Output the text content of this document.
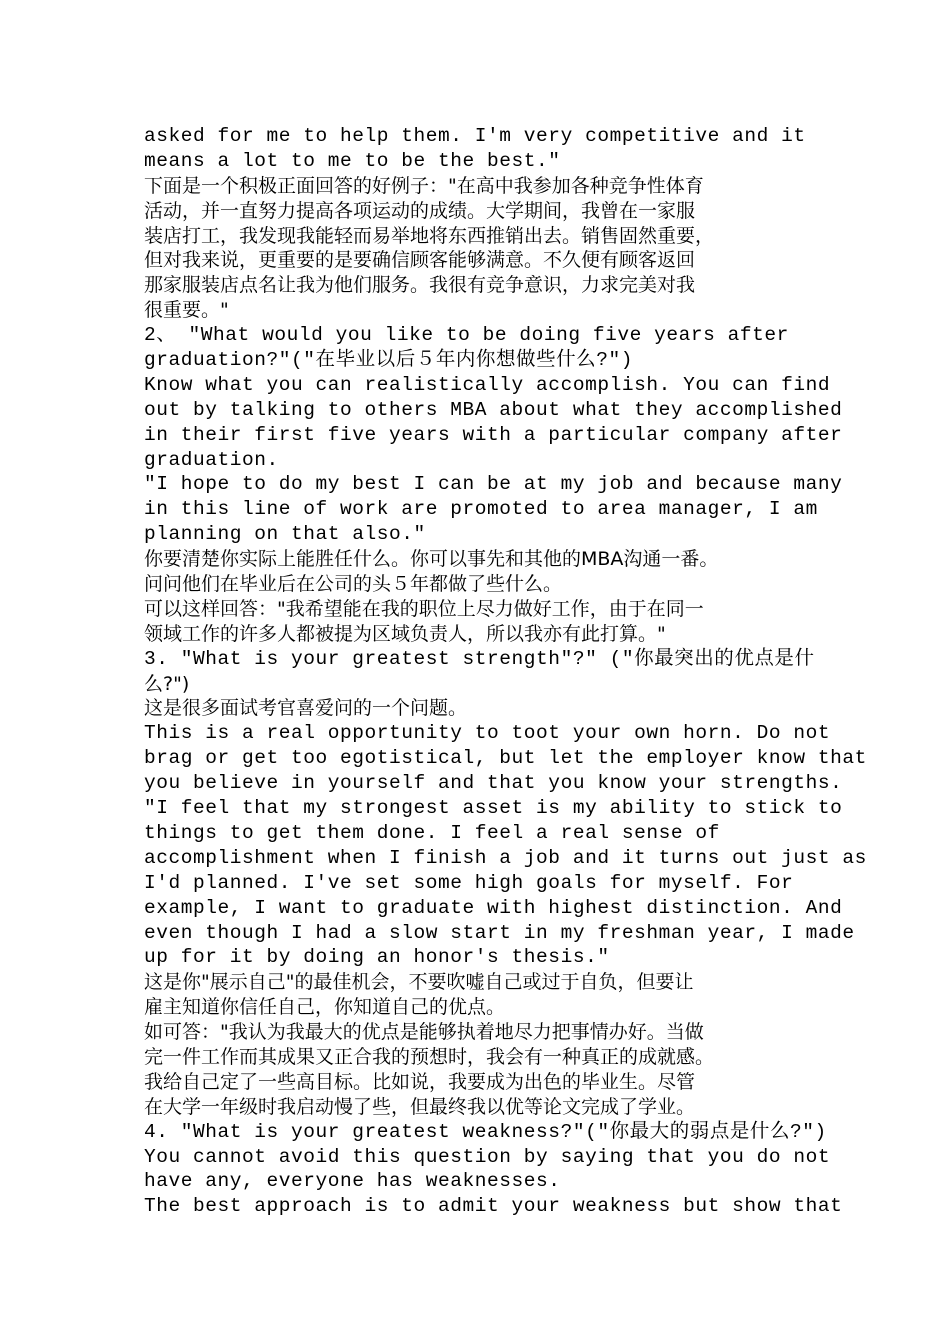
asked for me to help them. I'm very competitive and it
means a lot to me to be the best."
下面是一个积极正面回答的好例子："在高中我参加各种竞争性体育
活动，并一直努力提高各项运动的成绩。大学期间，我曾在一家服
装店打工，我发现我能轻而易举地将东西推销出去。销售固然重要，
但对我来说，更重要的是要确信顾客能够满意。不久便有顾客返回
那家服装店点名让我为他们服务。我很有竞争意识，力求完美对我
很重要。"
2、 "What would you like to be doing five years after
graduation?"("在毕业以后５年内你想做些什么?")
Know what you can realistically accomplish. You can find
out by talking to others MBA about what they accomplished
in their first five years with a particular company after
graduation.
"I hope to do my best I can be at my job and because many
in this line of work are promoted to area manager, I am
planning on that also."
你要清楚你实际上能胜任什么。你可以事先和其他的MBA沟通一番。
问问他们在毕业后在公司的头５年都做了些什么。
可以这样回答："我希望能在我的职位上尽力做好工作，由于在同一
领域工作的许多人都被提为区域负责人，所以我亦有此打算。"
3. "What is your greatest strength"?" ("你最突出的优点是什
么?")
这是很多面试考官喜爱问的一个问题。
This is a real opportunity to toot your own horn. Do not
brag or get too egotistical, but let the employer know that
you believe in yourself and that you know your strengths.
"I feel that my strongest asset is my ability to stick to
things to get them done. I feel a real sense of
accomplishment when I finish a job and it turns out just as
I'd planned. I've set some high goals for myself. For
example, I want to graduate with highest distinction. And
even though I had a slow start in my freshman year, I made
up for it by doing an honor's thesis."
这是你"展示自己"的最佳机会，不要吹嘘自己或过于自负，但要让
雇主知道你信任自己，你知道自己的优点。
如可答："我认为我最大的优点是能够执着地尽力把事情办好。当做
完一件工作而其成果又正合我的预想时，我会有一种真正的成就感。
我给自己定了一些高目标。比如说，我要成为出色的毕业生。尽管
在大学一年级时我启动慢了些，但最终我以优等论文完成了学业。
4. "What is your greatest weakness?"("你最大的弱点是什么?")
You cannot avoid this question by saying that you do not
have any, everyone has weaknesses.
The best approach is to admit your weakness but show that
